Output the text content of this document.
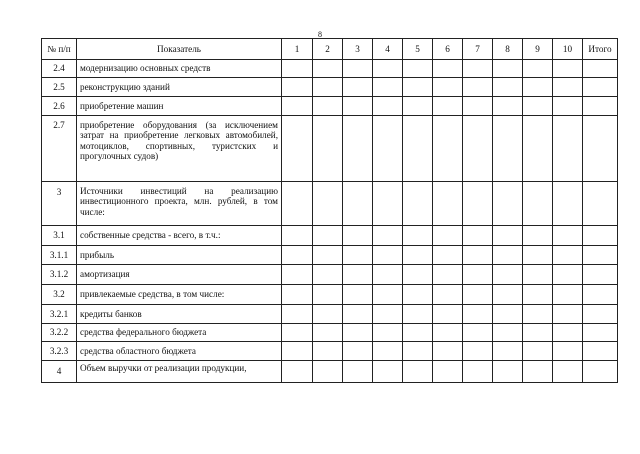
8
№ п/п	Показатель	1	2	3	4	5	6	7	8	9	10	Итого
2.4	модернизацию основных средств											
2.5	реконструкцию зданий											
2.6	приобретение машин											
2.7	приобретение оборудования (за исключением затрат на приобретение легковых автомобилей, мотоциклов, спортивных, туристских и прогулочных судов)											
3	Источники инвестиций на реализацию инвестиционного проекта, млн. рублей, в том числе:											
3.1	собственные средства - всего, в т.ч.:											
3.1.1	прибыль											
3.1.2	амортизация											
3.2	привлекаемые средства, в том числе:											
3.2.1	кредиты банков											
3.2.2	средства федерального бюджета											
3.2.3	средства областного бюджета											
4	Объем выручки от реализации продукции,											
